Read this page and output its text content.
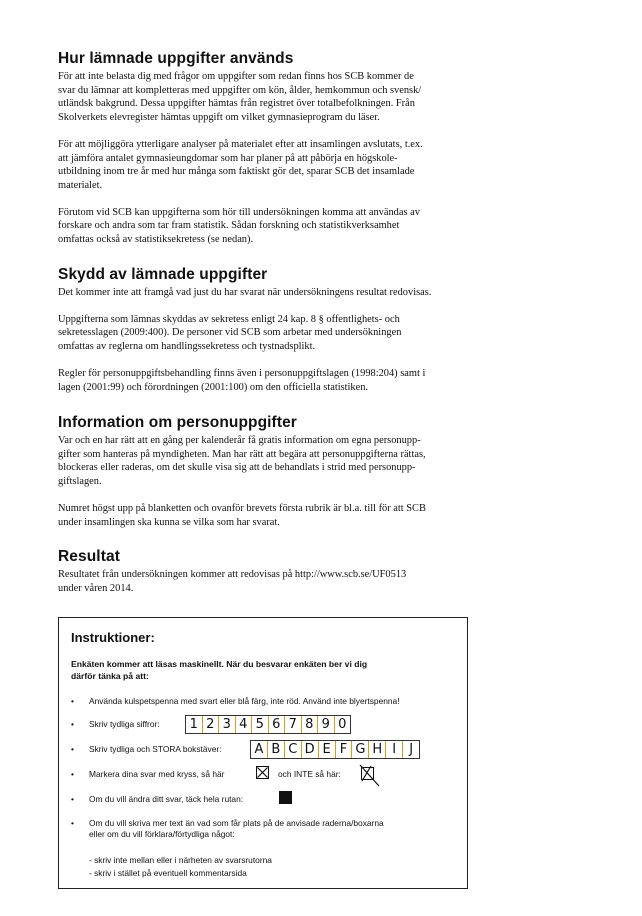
Hur lämnade uppgifter används

För att inte belasta dig med frågor om uppgifter som redan finns hos SCB kommer de
svar du lämnar att kompletteras med uppgifter om kön, ålder, hemkommun och svensk/
utländsk bakgrund. Dessa uppgifter hämtas från registret över totalbefolkningen. Från
Skolverkets elevregister hämtas uppgift om vilket gymnasieprogram du läser.

För att möjliggöra ytterligare analyser på materialet efter att insamlingen avslutats, t.ex.
att jämföra antalet gymnasieungdomar som har planer på att påbörja en högskole-
utbildning inom tre år med hur många som faktiskt gör det, sparar SCB det insamlade
materialet.

Förutom vid SCB kan uppgifterna som hör till undersökningen komma att användas av
forskare och andra som tar fram statistik. Sådan forskning och statistikverksamhet
omfattas också av statistiksekretess (se nedan).

Skydd av lämnade uppgifter

Det kommer inte att framgå vad just du har svarat när undersökningens resultat redovisas.

Uppgifterna som lämnas skyddas av sekretess enligt 24 kap. 8 § offentlighets- och
sekretesslagen (2009:400). De personer vid SCB som arbetar med undersökningen
omfattas av reglerna om handlingssekretess och tystnadsplikt.

Regler för personuppgiftsbehandling finns även i personuppgiftslagen (1998:204) samt i
lagen (2001:99) och förordningen (2001:100) om den officiella statistiken.

Information om personuppgifter

Var och en har rätt att en gång per kalenderår få gratis information om egna personupp-
gifter som hanteras på myndigheten. Man har rätt att begära att personuppgifterna rättas,
blockeras eller raderas, om det skulle visa sig att de behandlats i strid med personupp-
giftslagen.

Numret högst upp på blanketten och ovanför brevets första rubrik är bl.a. till för att SCB
under insamlingen ska kunna se vilka som har svarat.

Resultat

Resultatet från undersökningen kommer att redovisas på http://www.scb.se/UF0513
under våren 2014.

Instruktioner:
Enkäten kommer att läsas maskinellt. När du besvarar enkäten ber vi dig
därför tänka på att:
• Använda kulspetspenna med svart eller blå färg, inte röd. Använd inte blyertspenna!
• Skriv tydliga siffror: 1 2 3 4 5 6 7 8 9 0
• Skriv tydliga och STORA bokstäver:	A B C D E F G H I	J
• Markera dina svar med kryss, så här	och INTE så här:
• Om du vill ändra ditt svar, täck hela rutan:
• Om du vill skriva mer text än vad som får plats på de anvisade raderna/boxarna
eller om du vill förklara/förtydliga något:
- skriv inte mellan eller i närheten av svarsrutorna
- skriv i stället på eventuell kommentarsida
